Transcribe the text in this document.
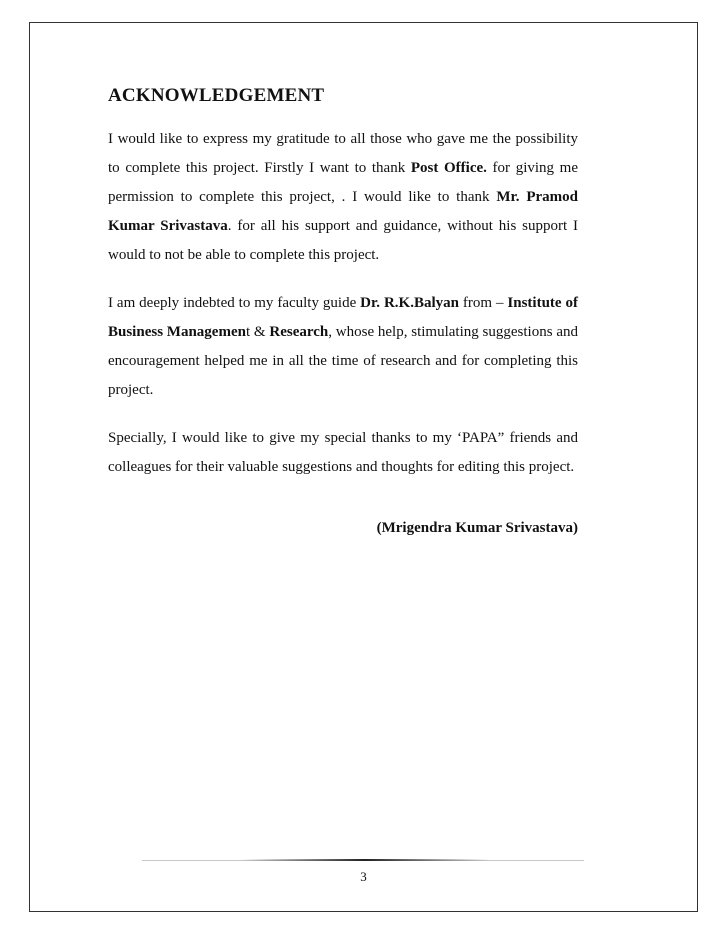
ACKNOWLEDGEMENT

I would like to express my gratitude to all those who gave me the possibility to complete this project. Firstly I want to thank Post Office. for giving me permission to complete this project, . I would like to thank Mr. Pramod Kumar Srivastava. for all his support and guidance, without his support I would to not be able to complete this project.

I am deeply indebted to my faculty guide Dr. R.K.Balyan from – Institute of Business Management & Research, whose help, stimulating suggestions and encouragement helped me in all the time of research and for completing this project.

Specially, I would like to give my special thanks to my ‘PAPA” friends and colleagues for their valuable suggestions and thoughts for editing this project.

(Mrigendra Kumar Srivastava)
3
